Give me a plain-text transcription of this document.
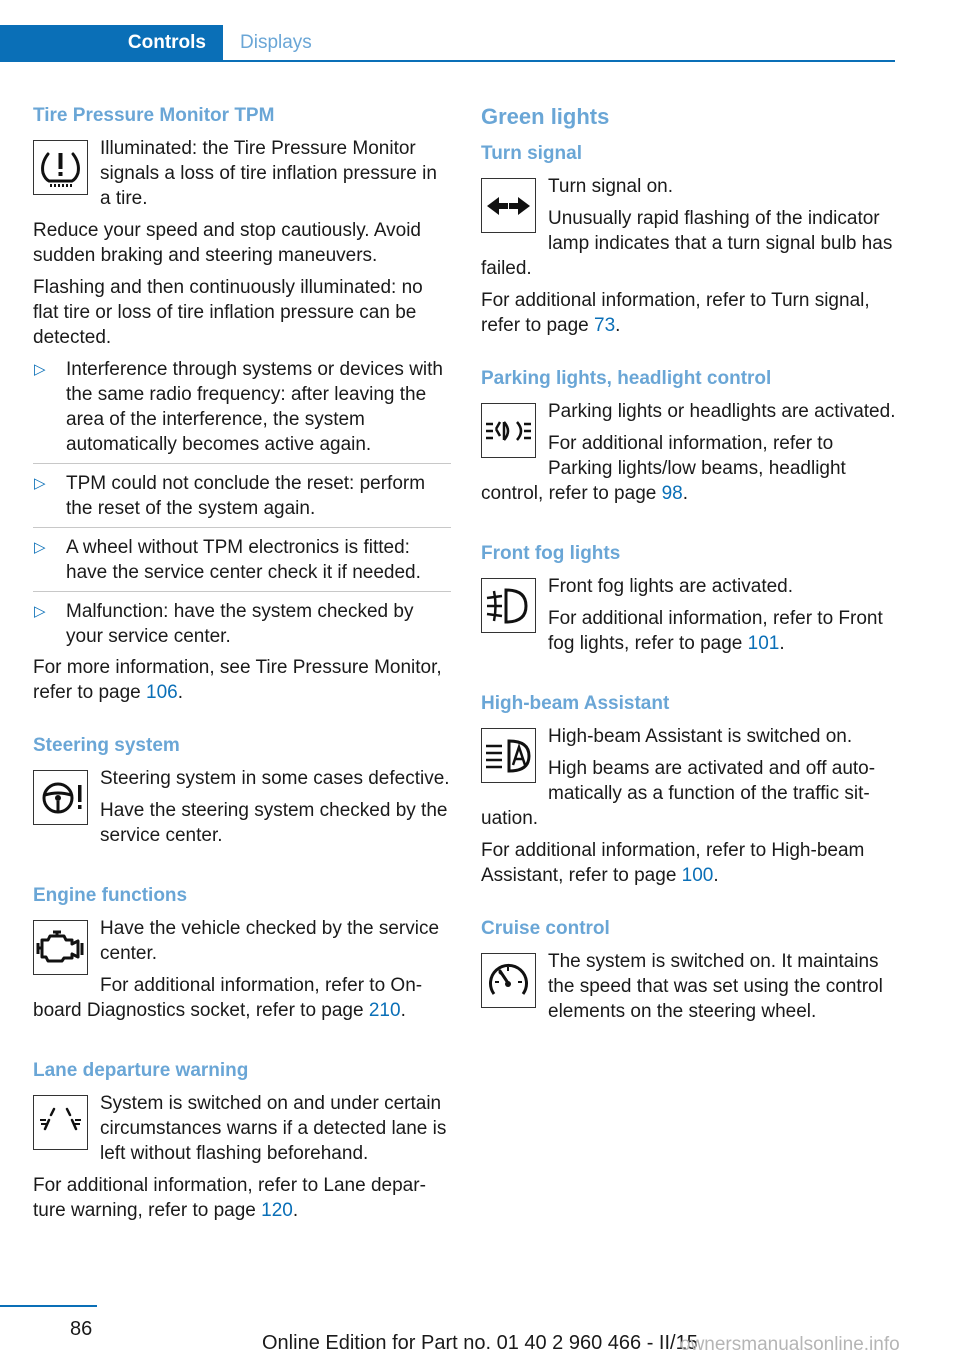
Controls	Displays
Tire Pressure Monitor TPM

Illuminated: the Tire Pressure Monitor signals a loss of tire inflation pressure in a tire.

Reduce your speed and stop cautiously. Avoid sudden braking and steering maneuvers.

Flashing and then continuously illuminated: no flat tire or loss of tire inflation pressure can be detected.

▷ Interference through systems or devices with the same radio frequency: after leaving the area of the interference, the system automatically becomes active again.
▷ TPM could not conclude the reset: perform the reset of the system again.
▷ A wheel without TPM electronics is fitted: have the service center check it if needed.
▷ Malfunction: have the system checked by your service center.

For more information, see Tire Pressure Monitor, refer to page 106.

Steering system

Steering system in some cases defective.

Have the steering system checked by the service center.

Engine functions

Have the vehicle checked by the service center.

For additional information, refer to On-board Diagnostics socket, refer to page 210.

Lane departure warning

System is switched on and under certain circumstances warns if a detected lane is left without flashing beforehand.

For additional information, refer to Lane departure warning, refer to page 120.

Green lights
Turn signal

Turn signal on.

Unusually rapid flashing of the indicator lamp indicates that a turn signal bulb has failed.

For additional information, refer to Turn signal, refer to page 73.

Parking lights, headlight control

Parking lights or headlights are activated.

For additional information, refer to Parking lights/low beams, headlight control, refer to page 98.

Front fog lights

Front fog lights are activated.

For additional information, refer to Front fog lights, refer to page 101.

High-beam Assistant

High-beam Assistant is switched on.

High beams are activated and off automatically as a function of the traffic situation.

For additional information, refer to High-beam Assistant, refer to page 100.

Cruise control

The system is switched on. It maintains the speed that was set using the control elements on the steering wheel.

86
Online Edition for Part no. 01 40 2 960 466 - II/15
ownersmanualsonline.info
